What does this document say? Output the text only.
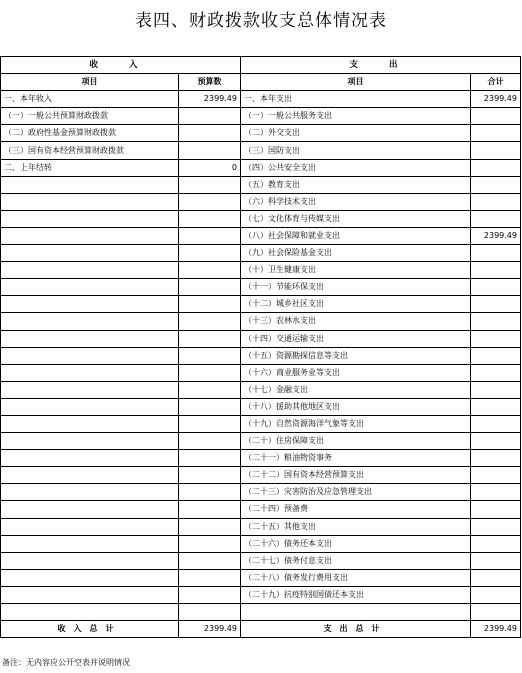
表四、财政拨款收支总体情况表
收 入		支 出	
项目	预算数	项目	合计
一、本年收入	2399.49	一、本年支出	2399.49
（一）一般公共预算财政拨款		（一）一般公共服务支出	
（二）政府性基金预算财政拨款		（二）外交支出	
（三）国有资本经营预算财政拨款		（三）国防支出	
二、上年结转	0	（四）公共安全支出	
		（五）教育支出	
		（六）科学技术支出	
		（七）文化体育与传媒支出	
		（八）社会保障和就业支出	2399.49
		（九）社会保险基金支出	
		（十）卫生健康支出	
		（十一）节能环保支出	
		（十二）城乡社区支出	
		（十三）农林水支出	
		（十四）交通运输支出	
		（十五）资源勘探信息等支出	
		（十六）商业服务业等支出	
		（十七）金融支出	
		（十八）援助其他地区支出	
		（十九）自然资源海洋气象等支出	
		（二十）住房保障支出	
		（二十一）粮油物资事务	
		（二十二）国有资本经营预算支出	
		（二十三）灾害防治及应急管理支出	
		（二十四）预备费	
		（二十五）其他支出	
		（二十六）债务还本支出	
		（二十七）债务付息支出	
		（二十八）债务发行费用支出	
		（二十九）抗疫特别国债还本支出	

收入总计	2399.49	支出总计	2399.49
备注：无内容应公开空表并说明情况
